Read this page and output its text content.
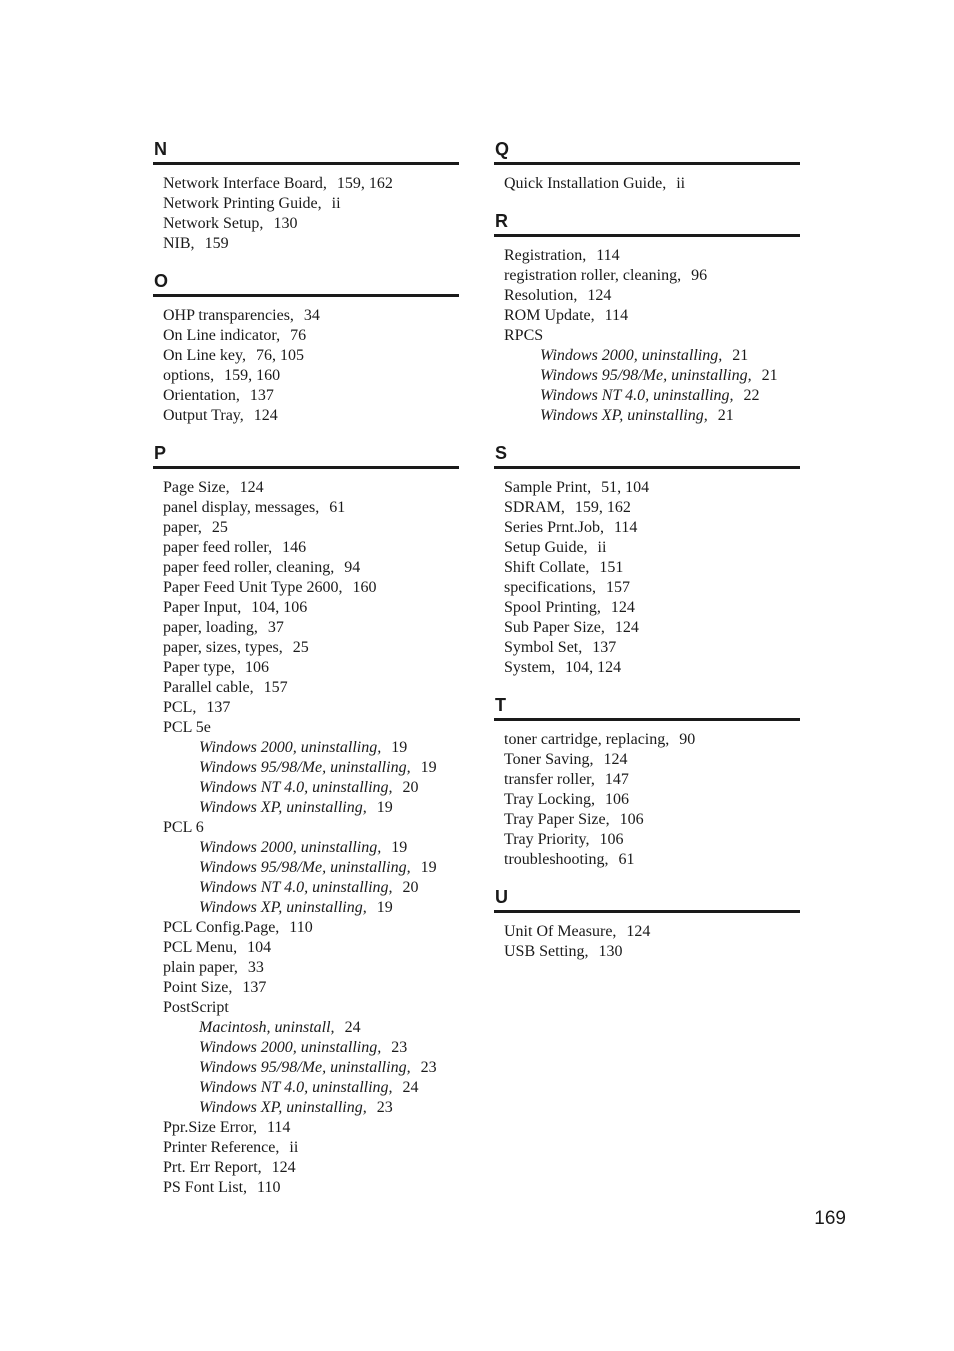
N
Network Interface Board, 159, 162
Network Printing Guide, ii
Network Setup, 130
NIB, 159
O
OHP transparencies, 34
On Line indicator, 76
On Line key, 76, 105
options, 159, 160
Orientation, 137
Output Tray, 124
P
Page Size, 124
panel display, messages, 61
paper, 25
paper feed roller, 146
paper feed roller, cleaning, 94
Paper Feed Unit Type 2600, 160
Paper Input, 104, 106
paper, loading, 37
paper, sizes, types, 25
Paper type, 106
Parallel cable, 157
PCL, 137
PCL 5e
Windows 2000, uninstalling, 19
Windows 95/98/Me, uninstalling, 19
Windows NT 4.0, uninstalling, 20
Windows XP, uninstalling, 19
PCL 6
Windows 2000, uninstalling, 19
Windows 95/98/Me, uninstalling, 19
Windows NT 4.0, uninstalling, 20
Windows XP, uninstalling, 19
PCL Config.Page, 110
PCL Menu, 104
plain paper, 33
Point Size, 137
PostScript
Macintosh, uninstall, 24
Windows 2000, uninstalling, 23
Windows 95/98/Me, uninstalling, 23
Windows NT 4.0, uninstalling, 24
Windows XP, uninstalling, 23
Ppr.Size Error, 114
Printer Reference, ii
Prt. Err Report, 124
PS Font List, 110
Q
Quick Installation Guide, ii
R
Registration, 114
registration roller, cleaning, 96
Resolution, 124
ROM Update, 114
RPCS
Windows 2000, uninstalling, 21
Windows 95/98/Me, uninstalling, 21
Windows NT 4.0, uninstalling, 22
Windows XP, uninstalling, 21
S
Sample Print, 51, 104
SDRAM, 159, 162
Series Prnt.Job, 114
Setup Guide, ii
Shift Collate, 151
specifications, 157
Spool Printing, 124
Sub Paper Size, 124
Symbol Set, 137
System, 104, 124
T
toner cartridge, replacing, 90
Toner Saving, 124
transfer roller, 147
Tray Locking, 106
Tray Paper Size, 106
Tray Priority, 106
troubleshooting, 61
U
Unit Of Measure, 124
USB Setting, 130
169
